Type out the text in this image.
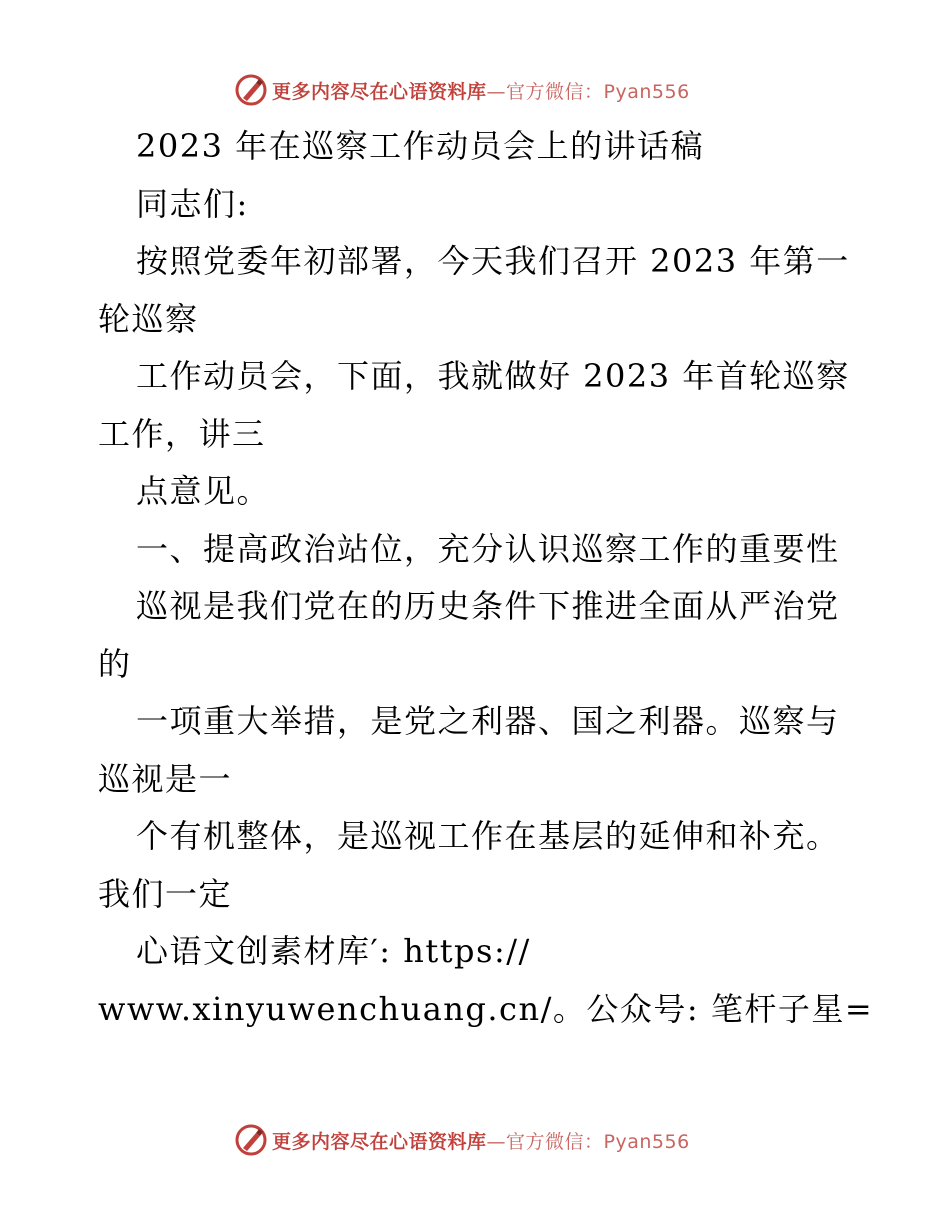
更多内容尽在心语资料库—官方微信：Pyan556
2023 年在巡察工作动员会上的讲话稿
同志们:
按照党委年初部署，今天我们召开 2023 年第一
轮巡察
工作动员会，下面，我就做好 2023 年首轮巡察
工作，讲三
点意见。
一、提高政治站位，充分认识巡察工作的重要性
巡视是我们党在的历史条件下推进全面从严治党
的
一项重大举措，是党之利器、国之利器。巡察与
巡视是一
个有机整体，是巡视工作在基层的延伸和补充。
我们一定
心语文创素材库′: https://
www.xinyuwenchuang.cn/。公众号: 笔杆子星=
更多内容尽在心语资料库—官方微信：Pyan556
